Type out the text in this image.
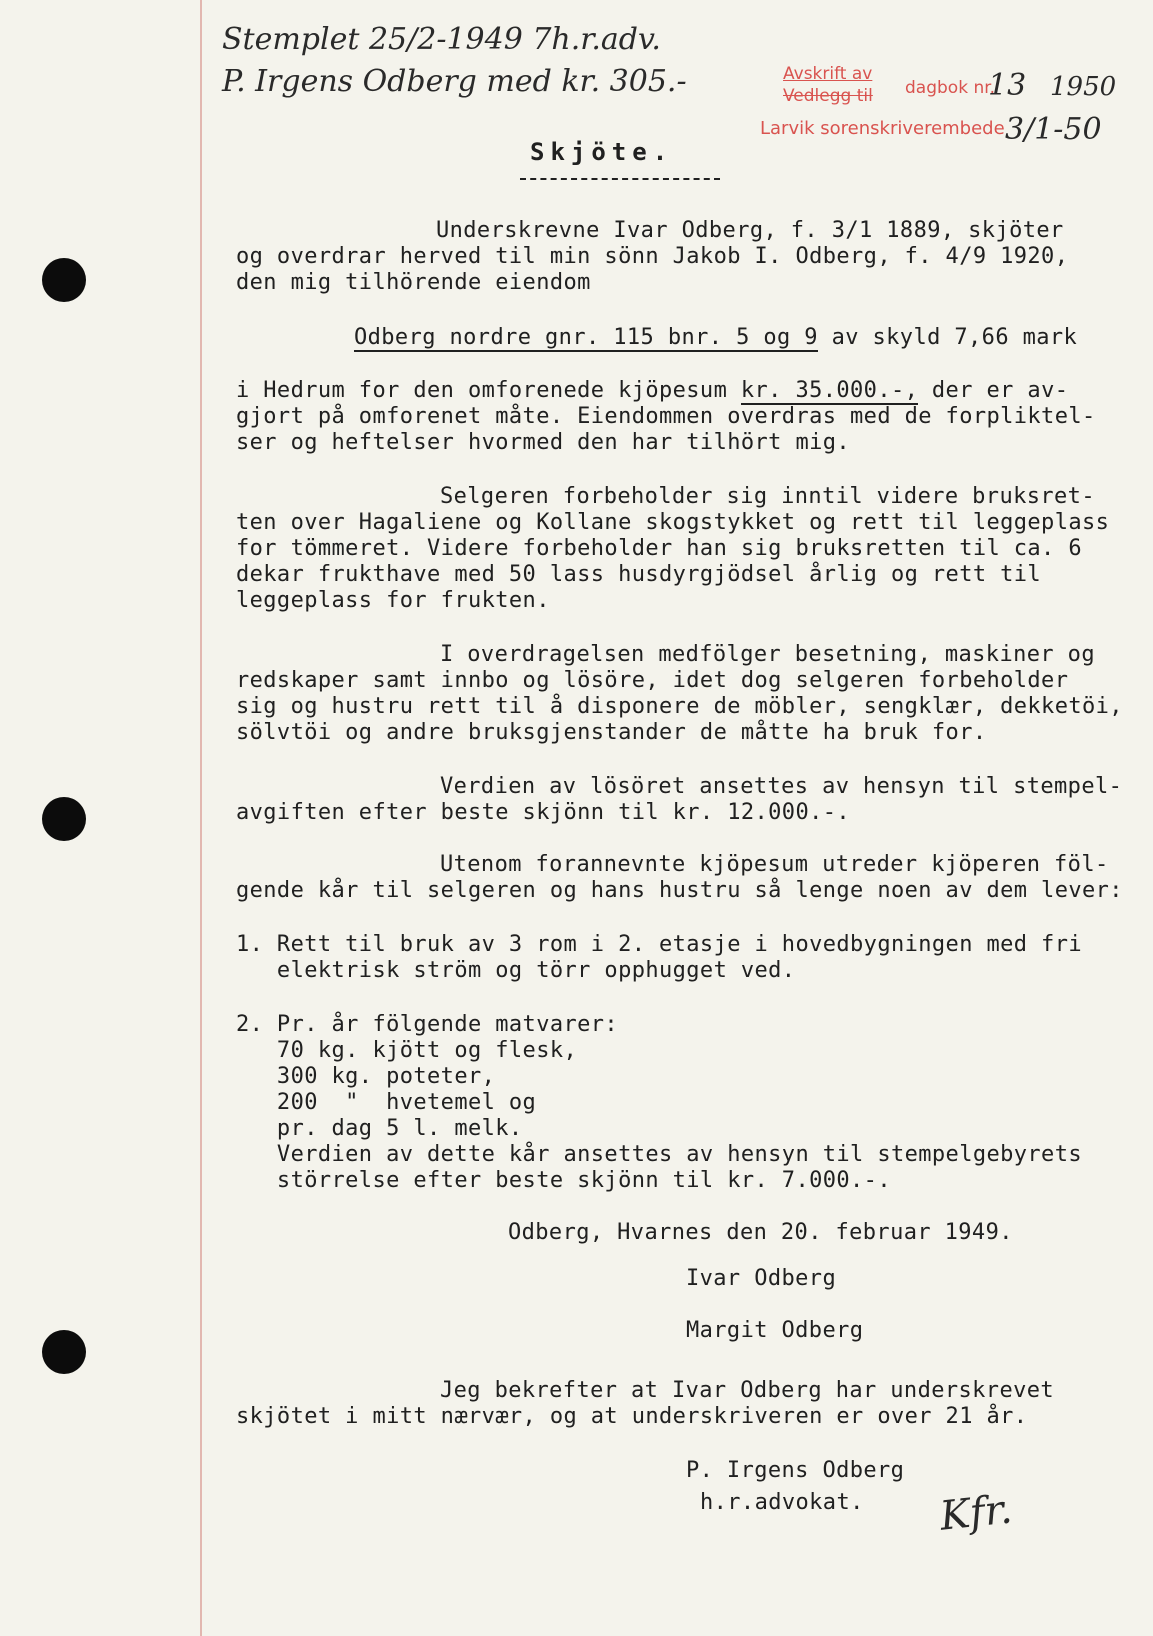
Stemplet 25/2-1949 7h.r.adv.
P. Irgens Odberg med kr. 305.-	Avskrift av
Vedlegg til dagbok nr.
13 1950
Larvik sorenskriverembede 3/1-50
Skjöte.
Underskrevne Ivar Odberg, f. 3/1 1889, skjöter
og overdrar herved til min sönn Jakob I. Odberg, f. 4/9 1920,
den mig tilhörende eiendom
Odberg nordre gnr. 115 bnr. 5 og 9 av skyld 7,66 mark
i Hedrum for den omforenede kjöpesum kr. 35.000.-, der er av-
gjort på omforenet måte. Eiendommen overdras med de forpliktel-
ser og heftelser hvormed den har tilhört mig.
Selgeren forbeholder sig inntil videre bruksret-
ten over Hagaliene og Kollane skogstykket og rett til leggeplass
for tömmeret. Videre forbeholder han sig bruksretten til ca. 6
dekar frukthave med 50 lass husdyrgjödsel årlig og rett til
leggeplass for frukten.
I overdragelsen medfölger besetning, maskiner og
redskaper samt innbo og lösöre, idet dog selgeren forbeholder
sig og hustru rett til å disponere de möbler, sengklær, dekketöi,
sölvtöi og andre bruksgjenstander de måtte ha bruk for.
Verdien av lösöret ansettes av hensyn til stempel-
avgiften efter beste skjönn til kr. 12.000.-.
Utenom forannevnte kjöpesum utreder kjöperen föl-
gende kår til selgeren og hans hustru så lenge noen av dem lever:
1. Rett til bruk av 3 rom i 2. etasje i hovedbygningen med fri
elektrisk ström og törr opphugget ved.
2. Pr. år fölgende matvarer:
70 kg. kjött og flesk,
300 kg. poteter,
200  "  hvetemel og
pr. dag 5 l. melk.
Verdien av dette kår ansettes av hensyn til stempelgebyrets
störrelse efter beste skjönn til kr. 7.000.-.
Odberg, Hvarnes den 20. februar 1949.
Ivar Odberg
Margit Odberg
Jeg bekrefter at Ivar Odberg har underskrevet
skjötet i mitt nærvær, og at underskriveren er over 21 år.
P. Irgens Odberg
h.r.advokat. Kfr.
